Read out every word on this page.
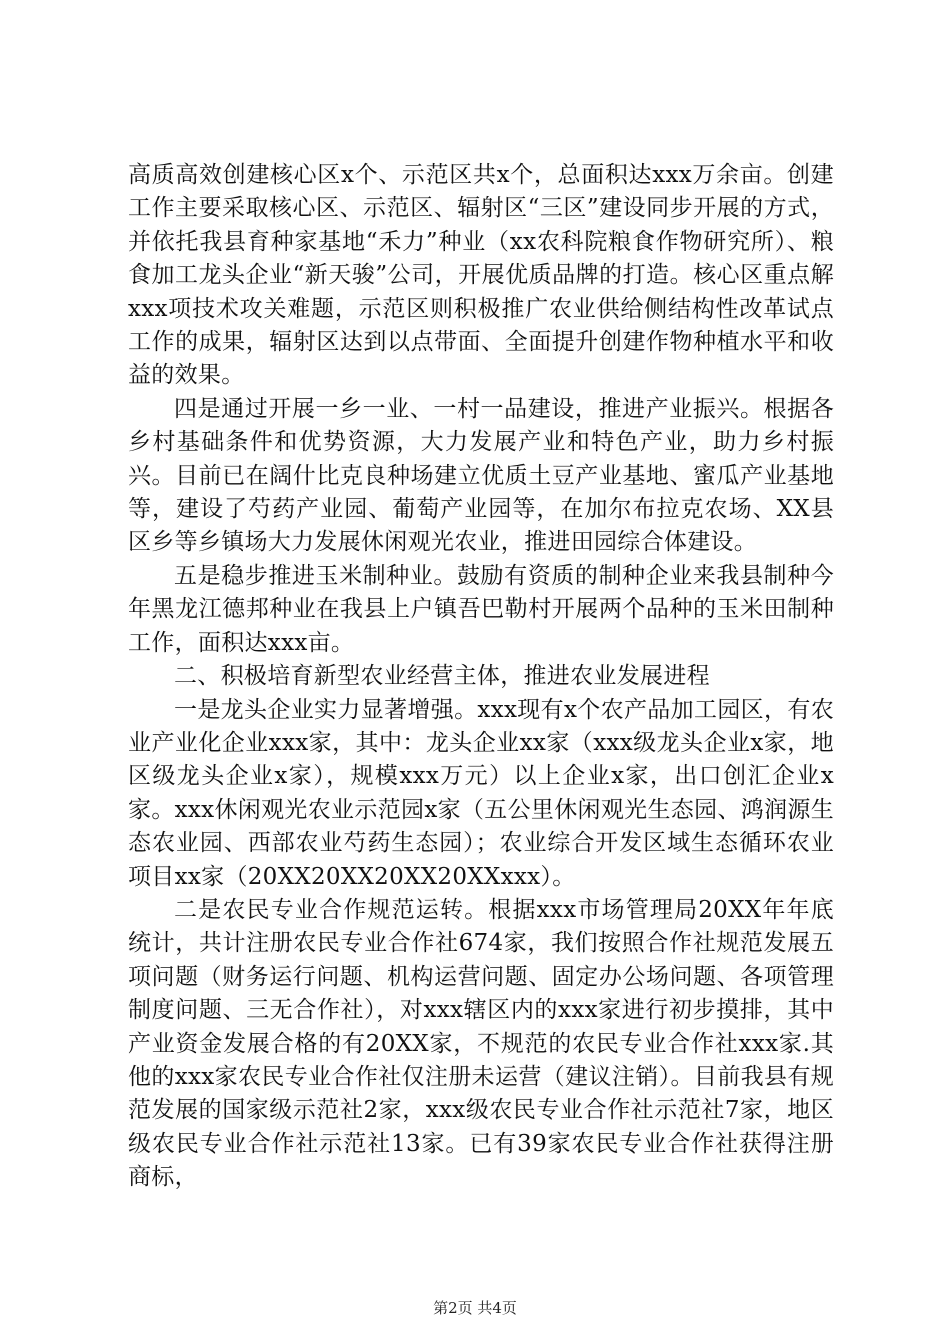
高质高效创建核心区x个、示范区共x个，总面积达xxx万余亩。创建工作主要采取核心区、示范区、辐射区“三区”建设同步开展的方式，并依托我县育种家基地“禾力”种业（xx农科院粮食作物研究所）、粮食加工龙头企业“新天骏”公司，开展优质品牌的打造。核心区重点解xxx项技术攻关难题，示范区则积极推广农业供给侧结构性改革试点工作的成果，辐射区达到以点带面、全面提升创建作物种植水平和收益的效果。

四是通过开展一乡一业、一村一品建设，推进产业振兴。根据各乡村基础条件和优势资源，大力发展产业和特色产业，助力乡村振兴。目前已在阔什比克良种场建立优质土豆产业基地、蜜瓜产业基地等，建设了芍药产业园、葡萄产业园等，在加尔布拉克农场、XX县区乡等乡镇场大力发展休闲观光农业，推进田园综合体建设。

五是稳步推进玉米制种业。鼓励有资质的制种企业来我县制种今年黑龙江德邦种业在我县上户镇吾巴勒村开展两个品种的玉米田制种工作，面积达xxx亩。

二、积极培育新型农业经营主体，推进农业发展进程

一是龙头企业实力显著增强。xxx现有x个农产品加工园区，有农业产业化企业xxx家，其中：龙头企业xx家（xxx级龙头企业x家，地区级龙头企业x家），规模xxx万元）以上企业x家，出口创汇企业x家。xxx休闲观光农业示范园x家（五公里休闲观光生态园、鸿润源生态农业园、西部农业芍药生态园）；农业综合开发区域生态循环农业项目xx家（20XX20XX20XX20XXxxx）。

二是农民专业合作规范运转。根据xxx市场管理局20XX年年底统计，共计注册农民专业合作社674家，我们按照合作社规范发展五项问题（财务运行问题、机构运营问题、固定办公场问题、各项管理制度问题、三无合作社），对xxx辖区内的xxx家进行初步摸排，其中产业资金发展合格的有20XX家，不规范的农民专业合作社xxx家.其他的xxx家农民专业合作社仅注册未运营（建议注销）。目前我县有规范发展的国家级示范社2家，xxx级农民专业合作社示范社7家，地区级农民专业合作社示范社13家。已有39家农民专业合作社获得注册商标，

第2页 共4页
